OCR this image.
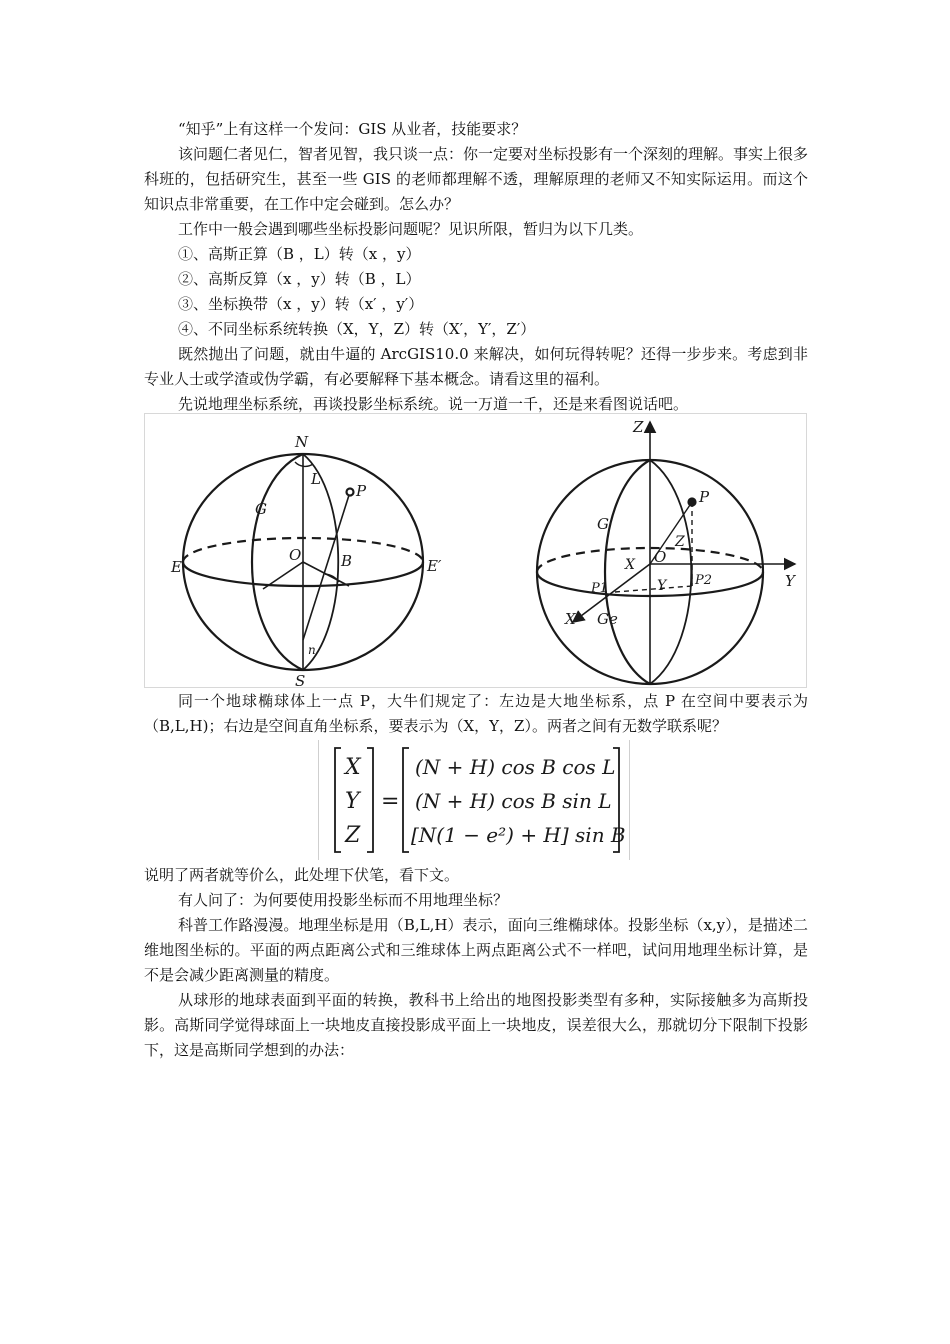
“知乎”上有这样一个发问：GIS 从业者，技能要求？

该问题仁者见仁，智者见智，我只谈一点：你一定要对坐标投影有一个深刻的理解。事实上很多科班的，包括研究生，甚至一些 GIS 的老师都理解不透，理解原理的老师又不知实际运用。而这个知识点非常重要，在工作中定会碰到。怎么办？

工作中一般会遇到哪些坐标投影问题呢？见识所限，暂归为以下几类。

①、高斯正算（B ，L）转（x ，y）

②、高斯反算（x ，y）转（B ，L）

③、坐标换带（x ，y）转（x′ ，y′）

④、不同坐标系统转换（X，Y，Z）转（X′，Y′，Z′）

既然抛出了问题，就由牛逼的 ArcGIS10.0 来解决，如何玩得转呢？还得一步步来。考虑到非专业人士或学渣或伪学霸，有必要解释下基本概念。请看这里的福利。

先说地理坐标系统，再谈投影坐标系统。说一万道一千，还是来看图说话吧。

N
S
E	E′
G
O
L
B
P
n
Z
Y
X
O
G
Ge
P
P1
P2
X
Y
Z

同一个地球椭球体上一点 P，大牛们规定了：左边是大地坐标系，点 P 在空间中要表示为（B,L,H)；右边是空间直角坐标系，要表示为（X，Y，Z）。两者之间有无数学联系呢？

X
Y
Z
=
(N + H) cos B cos L
(N + H) cos B sin L
[N(1 − e²) + H] sin B

说明了两者就等价么，此处埋下伏笔，看下文。

有人问了：为何要使用投影坐标而不用地理坐标？

科普工作路漫漫。地理坐标是用（B,L,H）表示，面向三维椭球体。投影坐标（x,y），是描述二维地图坐标的。平面的两点距离公式和三维球体上两点距离公式不一样吧，试问用地理坐标计算，是不是会减少距离测量的精度。

从球形的地球表面到平面的转换，教科书上给出的地图投影类型有多种，实际接触多为高斯投影。高斯同学觉得球面上一块地皮直接投影成平面上一块地皮，误差很大么，那就切分下限制下投影下，这是高斯同学想到的办法：
